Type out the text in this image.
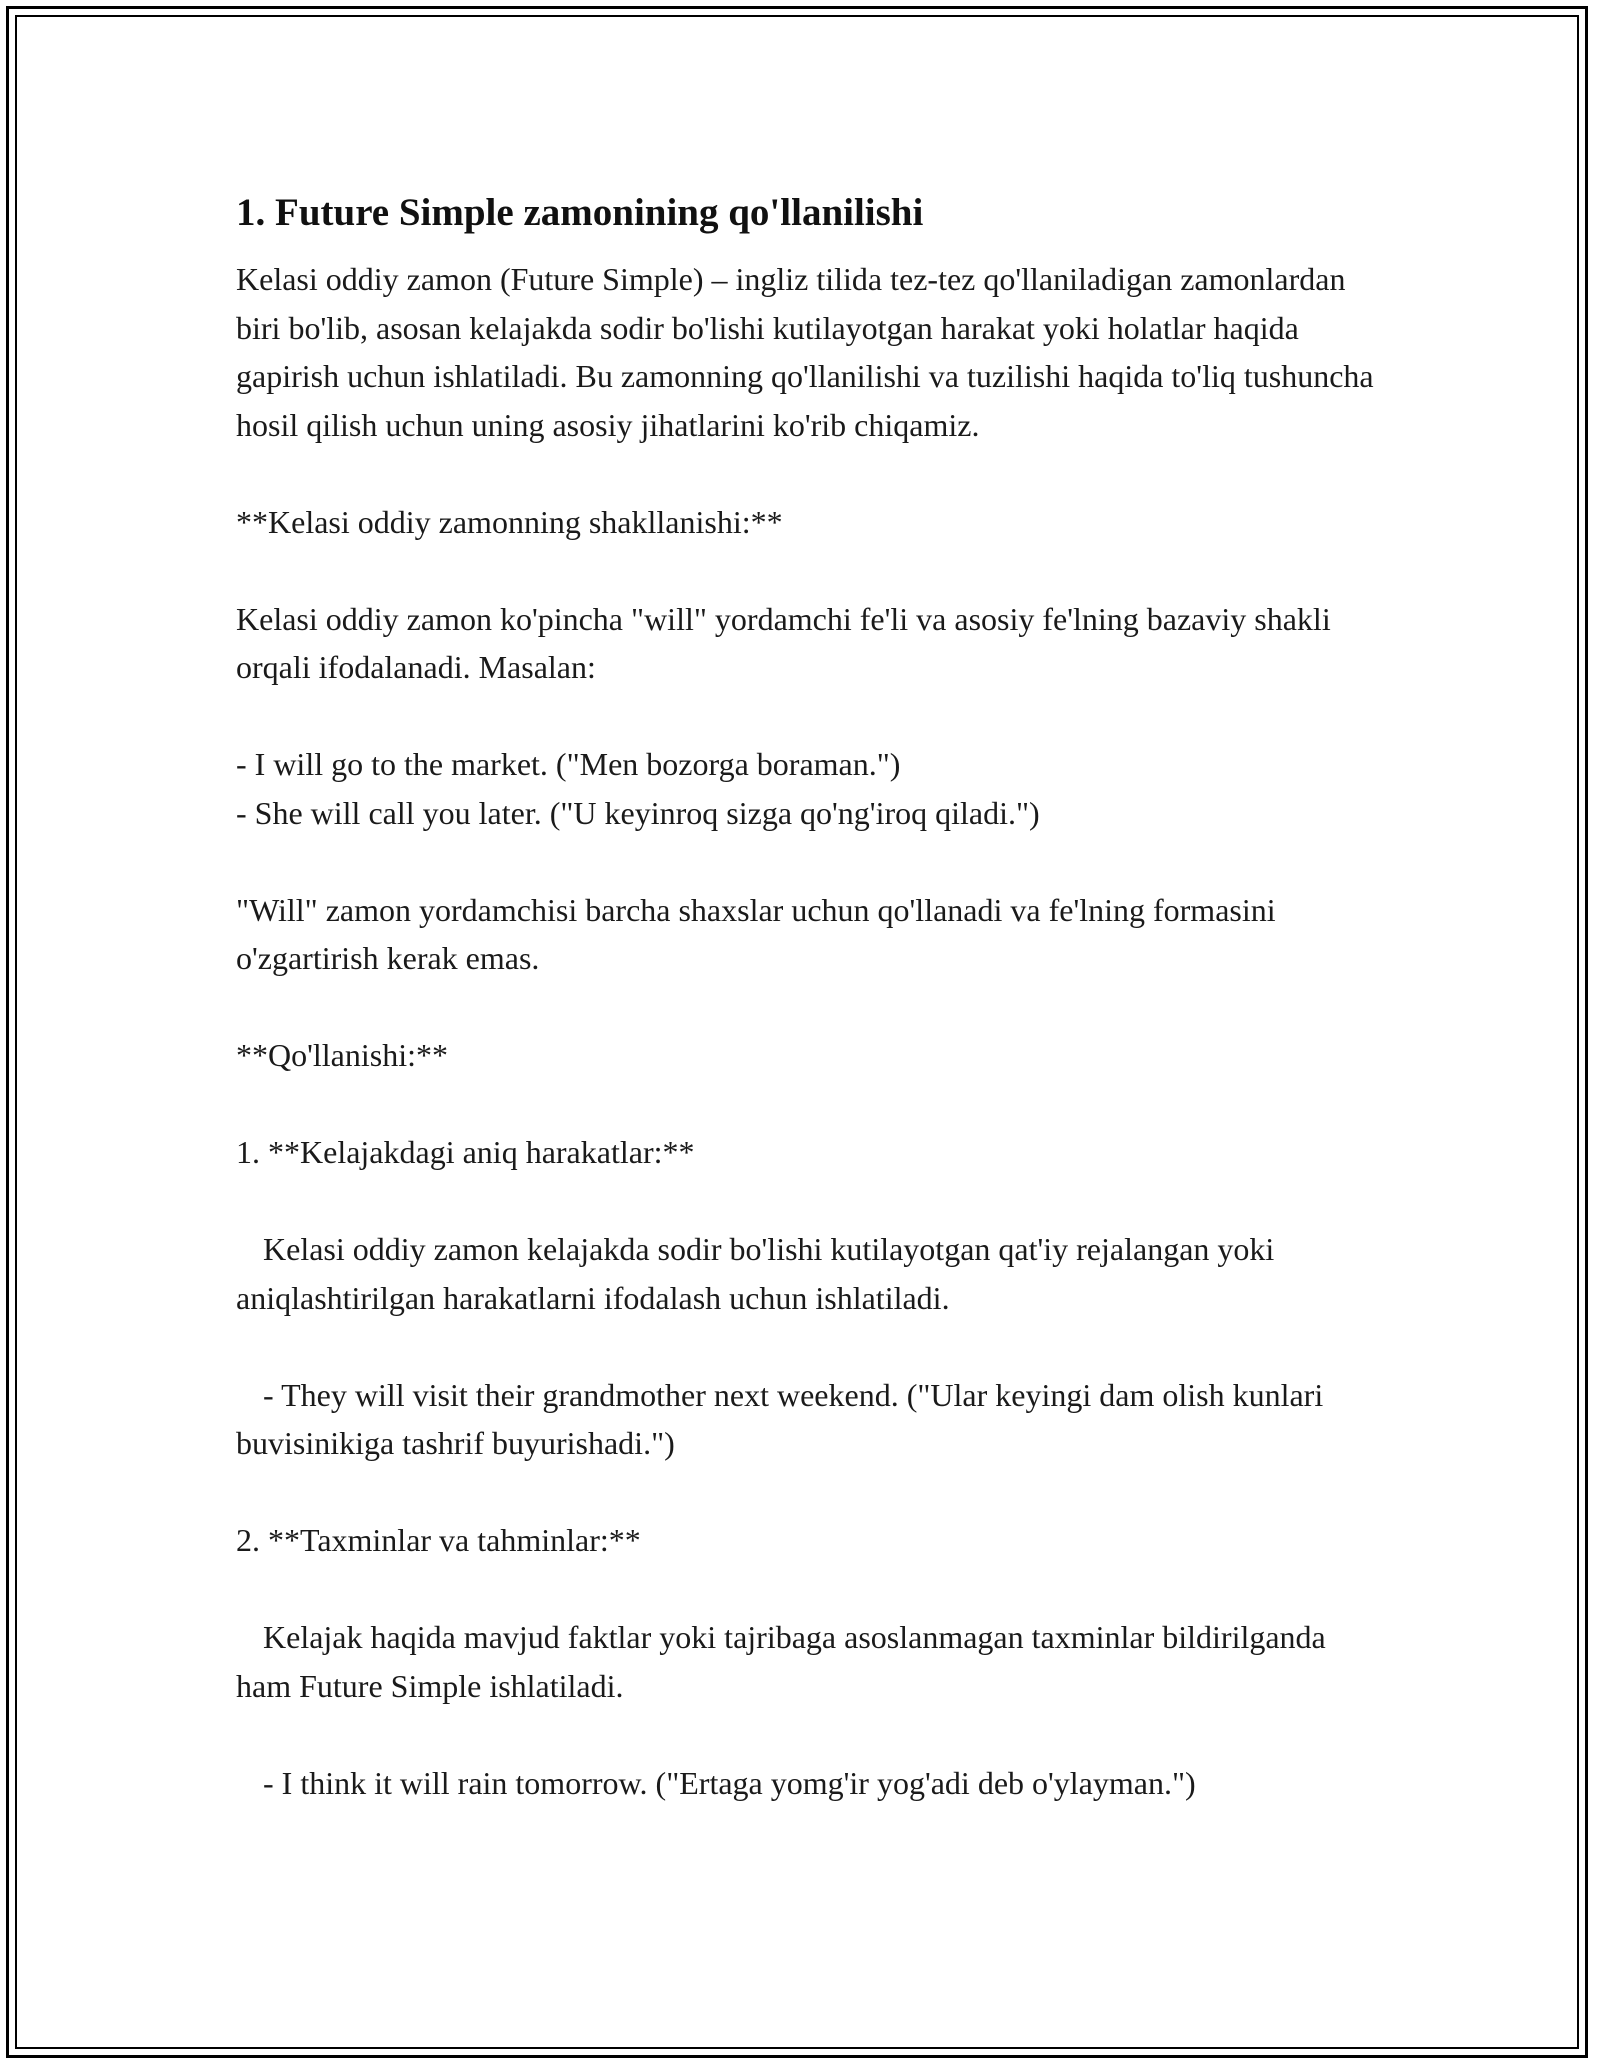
1. Future Simple zamonining qo'llanilishi

Kelasi oddiy zamon (Future Simple) – ingliz tilida tez-tez qo'llaniladigan zamonlardan biri bo'lib, asosan kelajakda sodir bo'lishi kutilayotgan harakat yoki holatlar haqida gapirish uchun ishlatiladi. Bu zamonning qo'llanilishi va tuzilishi haqida to'liq tushuncha hosil qilish uchun uning asosiy jihatlarini ko'rib chiqamiz.

**Kelasi oddiy zamonning shakllanishi:**

Kelasi oddiy zamon ko'pincha "will" yordamchi fe'li va asosiy fe'lning bazaviy shakli orqali ifodalanadi. Masalan:

- I will go to the market. ("Men bozorga boraman.")

- She will call you later. ("U keyinroq sizga qo'ng'iroq qiladi.")

"Will" zamon yordamchisi barcha shaxslar uchun qo'llanadi va fe'lning formasini o'zgartirish kerak emas.

**Qo'llanishi:**

1. **Kelajakdagi aniq harakatlar:**

Kelasi oddiy zamon kelajakda sodir bo'lishi kutilayotgan qat'iy rejalangan yoki aniqlashtirilgan harakatlarni ifodalash uchun ishlatiladi.

- They will visit their grandmother next weekend. ("Ular keyingi dam olish kunlari buvisinikiga tashrif buyurishadi.")

2. **Taxminlar va tahminlar:**

Kelajak haqida mavjud faktlar yoki tajribaga asoslanmagan taxminlar bildirilganda ham Future Simple ishlatiladi.

- I think it will rain tomorrow. ("Ertaga yomg'ir yog'adi deb o'ylayman.")
